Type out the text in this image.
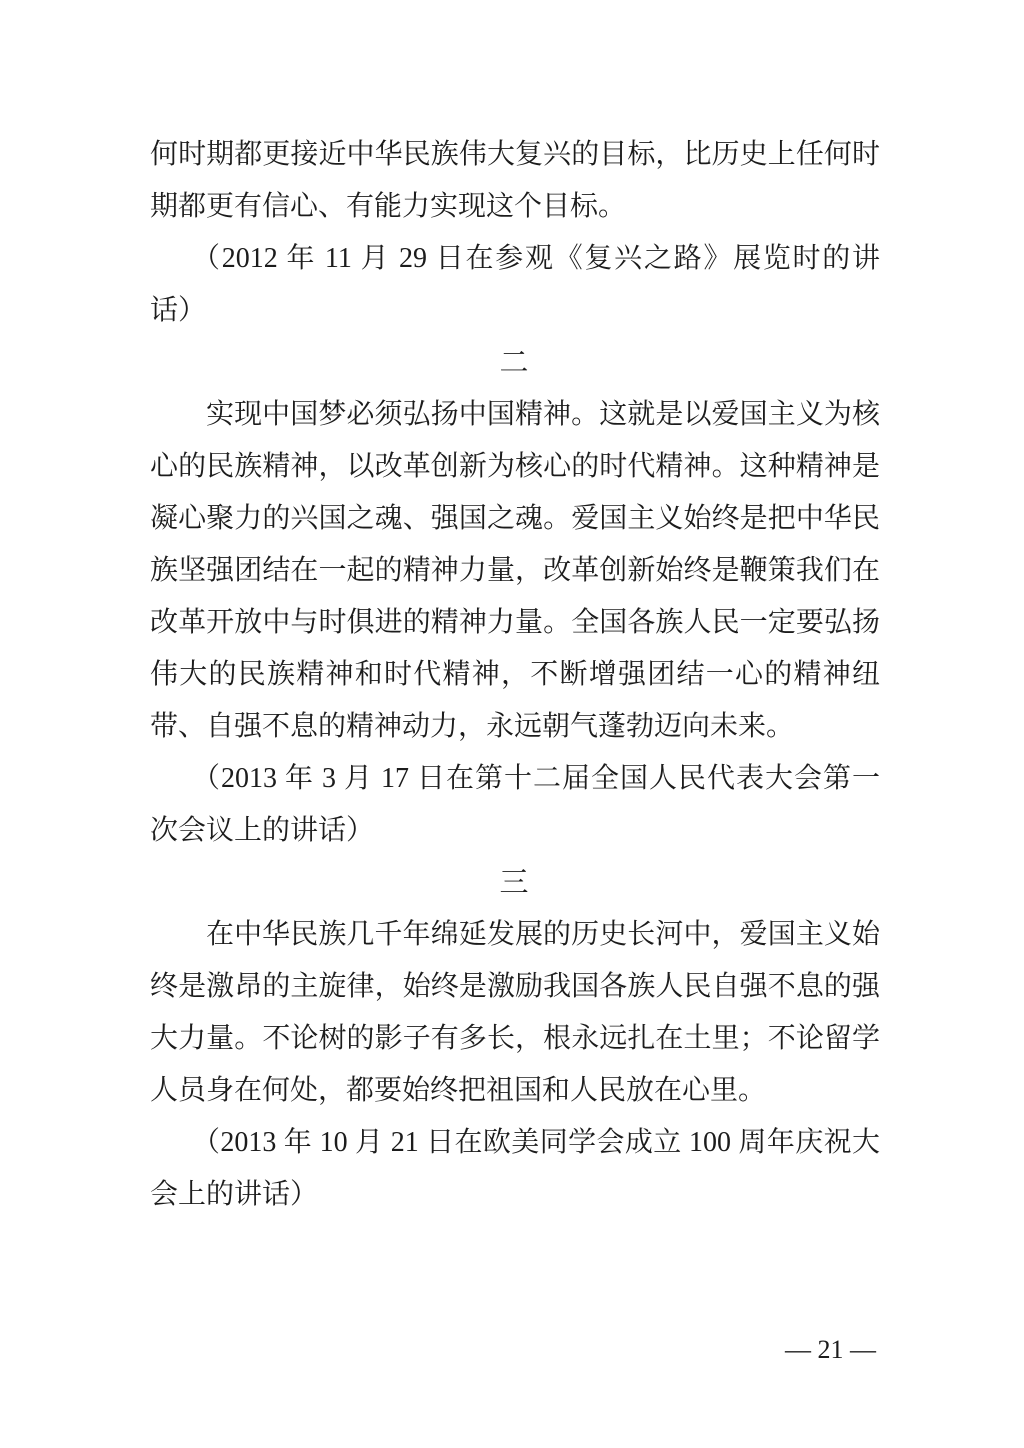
何时期都更接近中华民族伟大复兴的目标，比历史上任何时期都更有信心、有能力实现这个目标。

（2012 年 11 月 29 日在参观《复兴之路》展览时的讲话）

二

实现中国梦必须弘扬中国精神。这就是以爱国主义为核心的民族精神，以改革创新为核心的时代精神。这种精神是凝心聚力的兴国之魂、强国之魂。爱国主义始终是把中华民族坚强团结在一起的精神力量，改革创新始终是鞭策我们在改革开放中与时俱进的精神力量。全国各族人民一定要弘扬伟大的民族精神和时代精神，不断增强团结一心的精神纽带、自强不息的精神动力，永远朝气蓬勃迈向未来。

（2013 年 3 月 17 日在第十二届全国人民代表大会第一次会议上的讲话）

三

在中华民族几千年绵延发展的历史长河中，爱国主义始终是激昂的主旋律，始终是激励我国各族人民自强不息的强大力量。不论树的影子有多长，根永远扎在土里；不论留学人员身在何处，都要始终把祖国和人民放在心里。

（2013 年 10 月 21 日在欧美同学会成立 100 周年庆祝大会上的讲话）

— 21 —
